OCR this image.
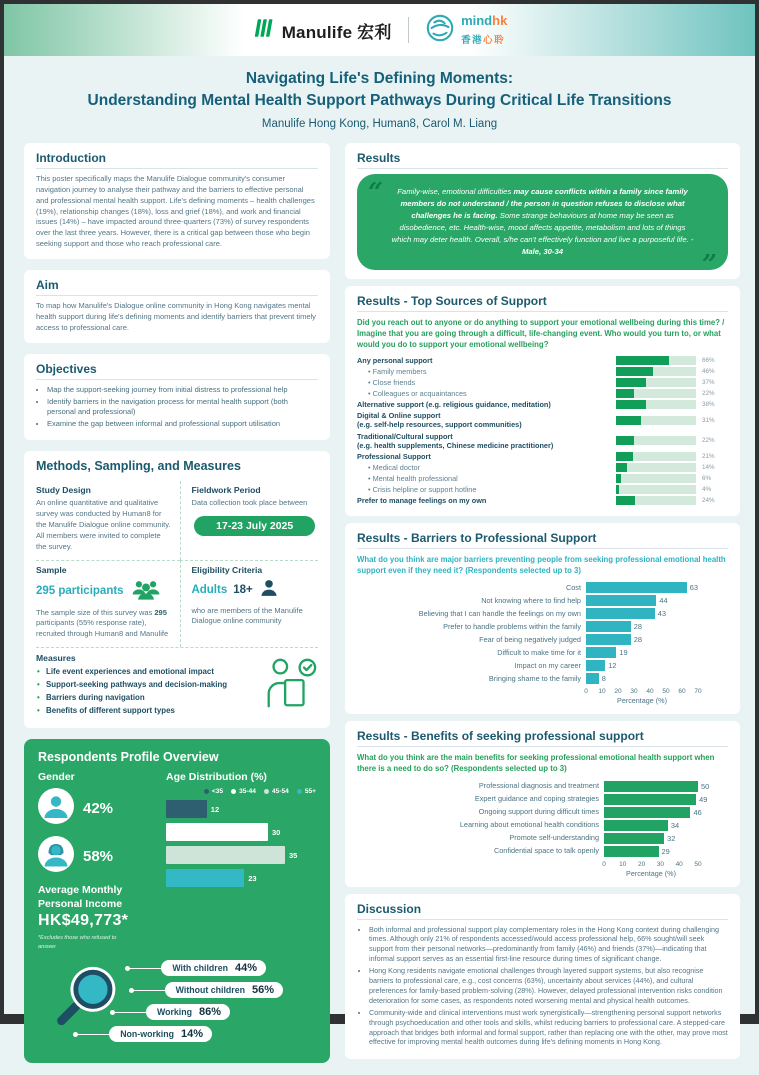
Manulife 宏利
mindhk
香港心聆
Navigating Life's Defining Moments:
Understanding Mental Health Support Pathways During Critical Life Transitions
Manulife Hong Kong, Human8, Carol M. Liang
Introduction
This poster specifically maps the Manulife Dialogue community's consumer navigation journey to analyse their pathway and the barriers to effective personal and professional mental health support. Life's defining moments – health challenges (19%), relationship changes (18%), loss and grief (18%), and work and financial issues (14%) – have impacted around three-quarters (73%) of survey respondents over the last three years. However, there is a critical gap between those who begin seeking support and those who reach professional care.
Aim
To map how Manulife's Dialogue online community in Hong Kong navigates mental health support during life's defining moments and identify barriers that prevent timely access to professional care.
Objectives
• Map the support-seeking journey from initial distress to professional help
• Identify barriers in the navigation process for mental health support (both personal and professional)
• Examine the gap between informal and professional support utilisation
Methods, Sampling, and Measures
Study Design
An online quantitative and qualitative survey was conducted by Human8 for the Manulife Dialogue online community. All members were invited to complete the survey.
Fieldwork Period
Data collection took place between
17-23 July 2025
Sample
295 participants
The sample size of this survey was 295 participants (55% response rate), recruited through Human8 and Manulife
Eligibility Criteria
Adults 18+
who are members of the Manulife Dialogue online community
Measures
• Life event experiences and emotional impact
• Support-seeking pathways and decision-making
• Barriers during navigation
• Benefits of different support types
Respondents Profile Overview
Gender
42%
58%
Average Monthly
Personal Income
HK$49,773*
*Excludes those who refused to answer
Age Distribution (%)
<35 35-44 45-54 55+
12
30
35
23
With children 44%
Without children 56%
Working 86%
Non-working 14%
Results
“ Family-wise, emotional difficulties may cause conflicts within a family since family members do not understand / the person in question refuses to disclose what challenges he is facing. Some strange behaviours at home may be seen as disobedience, etc. Health-wise, mood affects appetite, metabolism and lots of things which may deter health. Overall, s/he can't effectively function and live a purposeful life. - Male, 30-34	”
Results - Top Sources of Support
Did you reach out to anyone or do anything to support your emotional wellbeing during this time? / Imagine that you are going through a difficult, life-changing event. Who would you turn to, or what would you do to support your emotional wellbeing?
Any personal support	66%
• Family members	46%
• Close friends	37%
• Colleagues or acquaintances	22%
Alternative support (e.g. religious guidance, meditation)	38%
Digital & Online support
(e.g. self-help resources, support communities)	31%
Traditional/Cultural support
(e.g. health supplements, Chinese medicine practitioner)	22%
Professional Support	21%
• Medical doctor	14%
• Mental health professional	6%
• Crisis helpline or support hotline	4%
Prefer to manage feelings on my own	24%
Results - Barriers to Professional Support
What do you think are major barriers preventing people from seeking professional emotional health support even if they need it? (Respondents selected up to 3)
Cost	63
Not knowing where to find help	44
Believing that I can handle the feelings on my own	43
Prefer to handle problems within the family	28
Fear of being negatively judged	28
Difficult to make time for it	19
Impact on my career	12
Bringing shame to the family	8
0 10 20 30 40 50 60 70
Percentage (%)
Results - Benefits of seeking professional support
What do you think are the main benefits for seeking professional emotional health support when there is a need to do so? (Respondents selected up to 3)
Professional diagnosis and treatment	50
Expert guidance and coping strategies	49
Ongoing support during difficult times	46
Learning about emotional health conditions	34
Promote self-understanding	32
Confidential space to talk openly	29
0 10 20 30 40 50
Percentage (%)
Discussion
• Both informal and professional support play complementary roles in the Hong Kong context during challenging times. Although only 21% of respondents accessed/would access professional help, 66% sought/will seek support from their personal networks—predominantly from family (46%) and friends (37%)—indicating that informal support serves as an essential first-line resource during times of significant change.
• Hong Kong residents navigate emotional challenges through layered support systems, but also recognise barriers to professional care, e.g., cost concerns (63%), uncertainty about services (44%), and cultural preferences for family-based problem-solving (28%). However, delayed professional intervention risks condition deterioration for some cases, as respondents noted worsening mental and physical health outcomes.
• Community-wide and clinical interventions must work synergistically—strengthening personal support networks through psychoeducation and other tools and skills, whilst reducing barriers to professional care. A stepped-care approach that bridges both informal and formal support, rather than replacing one with the other, may prove most effective for improving mental health outcomes during life's defining moments in Hong Kong.
